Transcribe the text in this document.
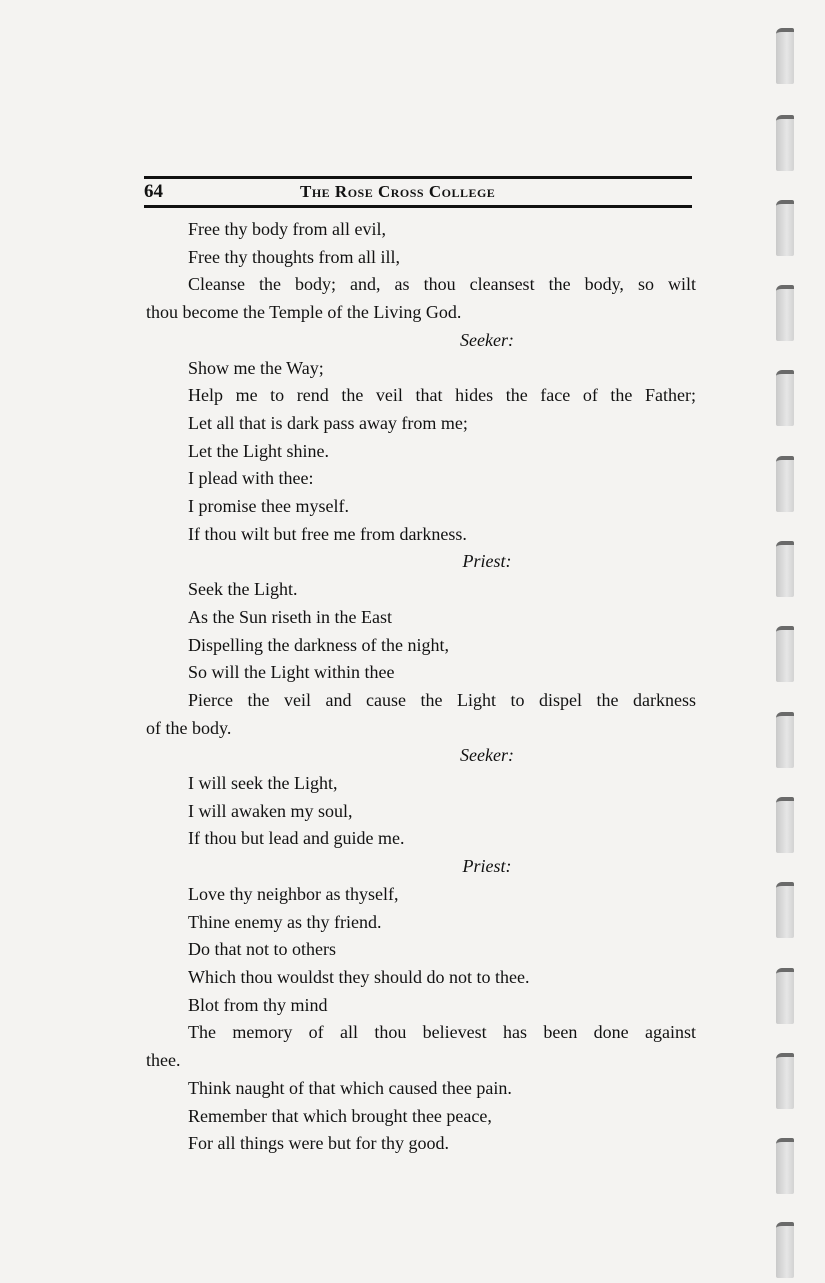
64	The Rose Cross College

Free thy body from all evil,

Free thy thoughts from all ill,

Cleanse the body; and, as thou cleansest the body, so wilt

thou become the Temple of the Living God.

Seeker:

Show me the Way;

Help me to rend the veil that hides the face of the Father;

Let all that is dark pass away from me;

Let the Light shine.

I plead with thee:

I promise thee myself.

If thou wilt but free me from darkness.

Priest:

Seek the Light.

As the Sun riseth in the East

Dispelling the darkness of the night,

So will the Light within thee

Pierce the veil and cause the Light to dispel the darkness

of the body.

Seeker:

I will seek the Light,

I will awaken my soul,

If thou but lead and guide me.

Priest:

Love thy neighbor as thyself,

Thine enemy as thy friend.

Do that not to others

Which thou wouldst they should do not to thee.

Blot from thy mind

The memory of all thou believest has been done against

thee.

Think naught of that which caused thee pain.

Remember that which brought thee peace,

For all things were but for thy good.
